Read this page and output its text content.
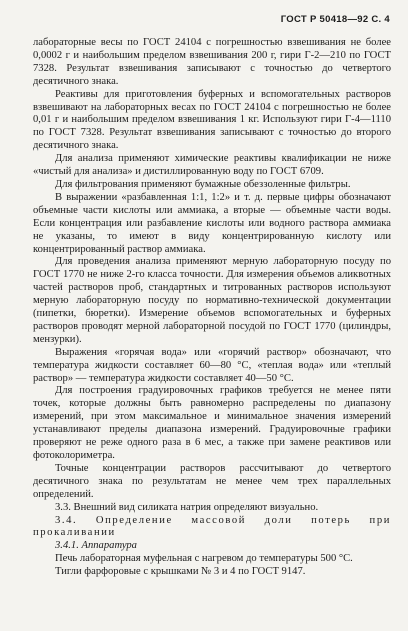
ГОСТ Р 50418—92 С. 4

лабораторные весы по ГОСТ 24104 с погрешностью взвешивания не более 0,0002 г и наибольшим пределом взвешивания 200 г, гири Г-2—210 по ГОСТ 7328. Результат взвешивания записывают с точностью до четвертого десятичного знака.

Реактивы для приготовления буферных и вспомогательных растворов взвешивают на лабораторных весах по ГОСТ 24104 с погрешностью не более 0,01 г и наибольшим пределом взвешивания 1 кг. Используют гири Г-4—1110 по ГОСТ 7328. Результат взвешивания записывают с точностью до второго десятичного знака.

Для анализа применяют химические реактивы квалификации не ниже «чистый для анализа» и дистиллированную воду по ГОСТ 6709.

Для фильтрования применяют бумажные обеззоленные фильтры.

В выражении «разбавленная 1:1, 1:2» и т. д. первые цифры обозначают объемные части кислоты или аммиака, а вторые — объемные части воды. Если концентрация или разбавление кислоты или водного раствора аммиака не указаны, то имеют в виду концентрированную кислоту или концентрированный раствор аммиака.

Для проведения анализа применяют мерную лабораторную посуду по ГОСТ 1770 не ниже 2-го класса точности. Для измерения объемов аликвотных частей растворов проб, стандартных и титрованных растворов используют мерную лабораторную посуду по нормативно-технической документации (пипетки, бюретки). Измерение объемов вспомогательных и буферных растворов проводят мерной лабораторной посудой по ГОСТ 1770 (цилиндры, мензурки).

Выражения «горячая вода» или «горячий раствор» обозначают, что температура жидкости составляет 60—80 °С, «теплая вода» или «теплый раствор» — температура жидкости составляет 40—50 °С.

Для построения градуировочных графиков требуется не менее пяти точек, которые должны быть равномерно распределены по диапазону измерений, при этом максимальное и минимальное значения измерений устанавливают пределы диапазона измерений. Градуировочные графики проверяют не реже одного раза в 6 мес, а также при замене реактивов или фотоколориметра.

Точные концентрации растворов рассчитывают до четвертого десятичного знака по результатам не менее чем трех параллельных определений.

3.3. Внешний вид силиката натрия определяют визуально.

3.4. Определение массовой доли потерь при прокаливании

3.4.1. Аппаратура

Печь лабораторная муфельная с нагревом до температуры 500 °С.

Тигли фарфоровые с крышками № 3 и 4 по ГОСТ 9147.
